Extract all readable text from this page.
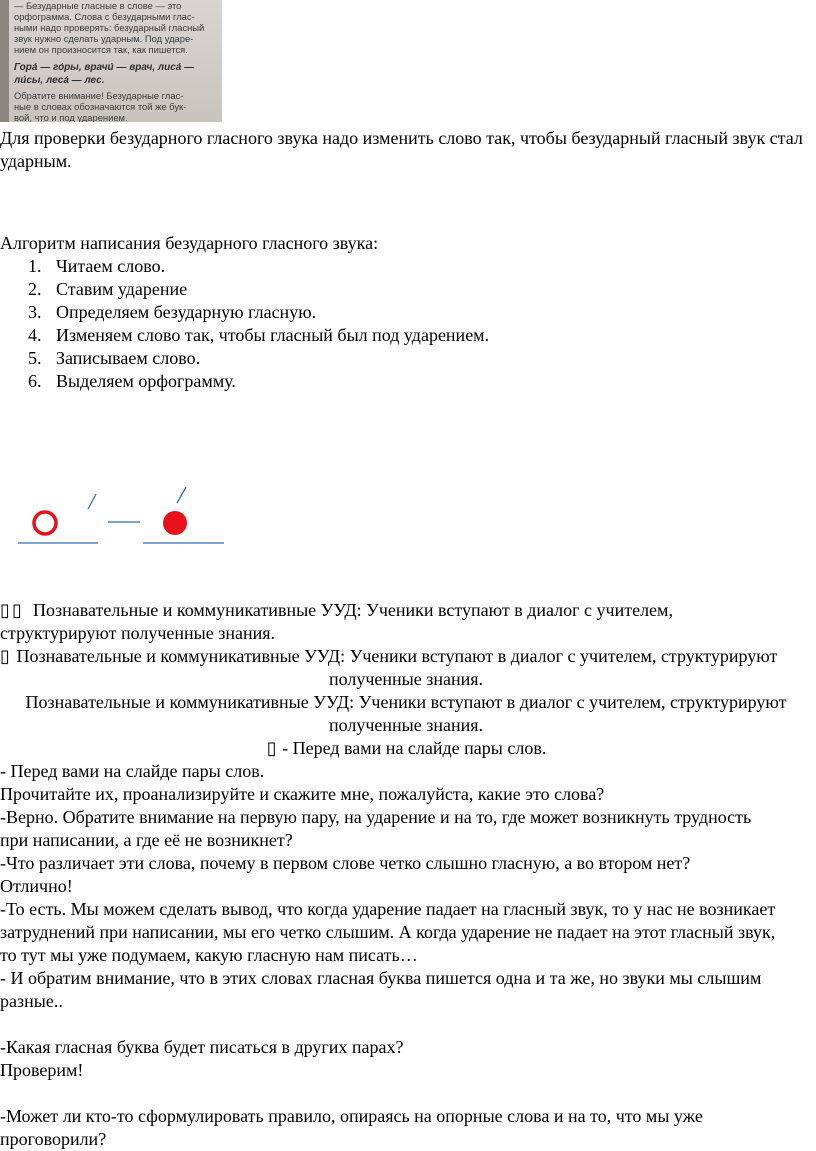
— Безударные гласные в слове — это
орфограмма. Слова с безударными глас-
ными надо проверять: безударный гласный
звук нужно сделать ударным. Под ударе-
нием он произносится так, как пишется.
Гора́ — го́ры, врачи́ — врач, лиса́ —
ли́сы, леса́ — лес.
Обратите внимание! Безударные глас-
ные в словах обозначаются той же бук-
вой, что и под ударением.

Для проверки безударного гласного звука надо изменить слово так, чтобы безударный гласный звук стал ударным.

Алгоритм написания безударного гласного звука:

1. Читаем слово.
2. Ставим ударение
3. Определяем безударную гласную.
4. Изменяем слово так, чтобы гласный был под ударением.
5. Записываем слово.
6. Выделяем орфограмму.

▯ ▯ Познавательные и коммуникативные УУД: Ученики вступают в диалог с учителем,

структурируют полученные знания.

▯ Познавательные и коммуникативные УУД: Ученики вступают в диалог с учителем, структурируют

полученные знания.

Познавательные и коммуникативные УУД: Ученики вступают в диалог с учителем, структурируют

полученные знания.

▯ - Перед вами на слайде пары слов.

- Перед вами на слайде пары слов.

Прочитайте их, проанализируйте и скажите мне, пожалуйста, какие это слова?

-Верно. Обратите внимание на первую пару, на ударение и на то, где может возникнуть трудность

при написании, а где её не возникнет?

-Что различает эти слова, почему в первом слове четко слышно гласную, а во втором нет?

Отлично!

-То есть. Мы можем сделать вывод, что когда ударение падает на гласный звук, то у нас не возникает

затруднений при написании, мы его четко слышим. А когда ударение не падает на этот гласный звук,

то тут мы уже подумаем, какую гласную нам писать…

- И обратим внимание, что в этих словах гласная буква пишется одна и та же, но звуки мы слышим

разные..

-Какая гласная буква будет писаться в других парах?

Проверим!

-Может ли кто-то сформулировать правило, опираясь на опорные слова и на то, что мы уже

проговорили?
